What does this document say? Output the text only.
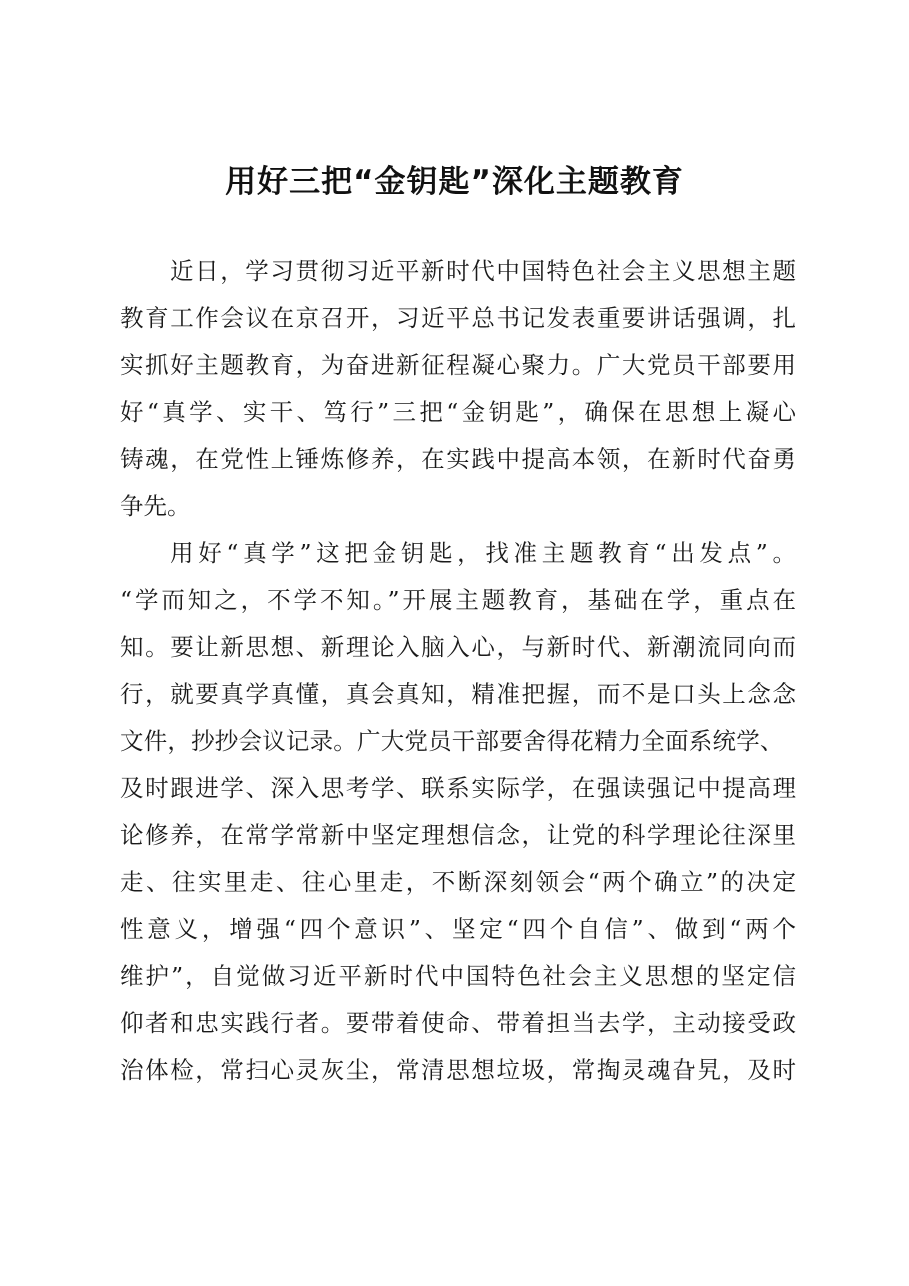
用好三把“金钥匙”深化主题教育
近日，学习贯彻习近平新时代中国特色社会主义思想主题
教育工作会议在京召开，习近平总书记发表重要讲话强调，扎
实抓好主题教育，为奋进新征程凝心聚力。广大党员干部要用
好“真学、实干、笃行”三把“金钥匙”，确保在思想上凝心
铸魂，在党性上锤炼修养，在实践中提高本领，在新时代奋勇
争先。
用好“真学”这把金钥匙，找准主题教育“出发点”。
“学而知之，不学不知。”开展主题教育，基础在学，重点在
知。要让新思想、新理论入脑入心，与新时代、新潮流同向而
行，就要真学真懂，真会真知，精准把握，而不是口头上念念
文件，抄抄会议记录。广大党员干部要舍得花精力全面系统学、
及时跟进学、深入思考学、联系实际学，在强读强记中提高理
论修养，在常学常新中坚定理想信念，让党的科学理论往深里
走、往实里走、往心里走，不断深刻领会“两个确立”的决定
性意义，增强“四个意识”、坚定“四个自信”、做到“两个
维护”，自觉做习近平新时代中国特色社会主义思想的坚定信
仰者和忠实践行者。要带着使命、带着担当去学，主动接受政
治体检，常扫心灵灰尘，常清思想垃圾，常掏灵魂旮旯，及时
